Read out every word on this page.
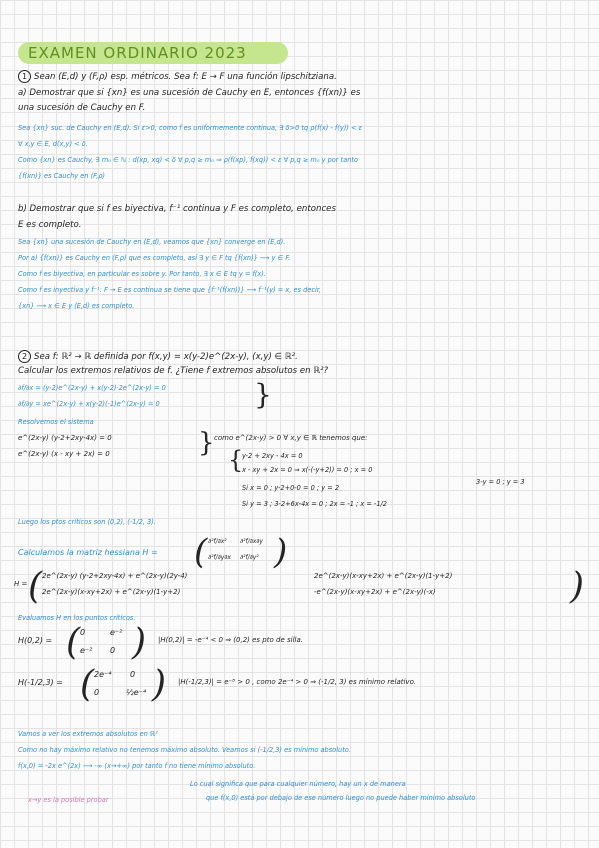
EXAMEN ORDINARIO 2023
1 Sean (E,d) y (F,ρ) esp. métricos. Sea f: E → F una función lipschitziana.
a) Demostrar que si {xn} es una sucesión de Cauchy en E, entonces {f(xn)} es
una sucesión de Cauchy en F.
Sea {xn} suc. de Cauchy en (E,d). Si ε>0, como f es uniformemente continua, ∃ δ>0 tq ρ(f(x) - f(y)) < ε
∀ x,y ∈ E, d(x,y) < δ.
Como {xn} es Cauchy, ∃ m₀ ∈ ℕ : d(xp, xq) < δ ∀ p,q ≥ m₀ ⇒ ρ(f(xp), f(xq)) < ε ∀ p,q ≥ m₀ y por tanto
{f(xn)} es Cauchy en (F,ρ)
b) Demostrar que si f es biyectiva, f⁻¹ continua y F es completo, entonces
E es completo.
Sea {xn} una sucesión de Cauchy en (E,d), veamos que {xn} converge en (E,d).
Por a) {f(xn)} es Cauchy en (F,ρ) que es completo, así ∃ y ∈ F tq {f(xn)} ⟶ y ∈ F.
Como f es biyectiva, en particular es sobre y. Por tanto, ∃ x ∈ E tq y = f(x).
Como f es inyectiva y f⁻¹: F → E es continua se tiene que {f⁻¹(f(xn))} ⟶ f⁻¹(y) = x, es decir,
{xn} ⟶ x ∈ E y (E,d) es completo.
2 Sea f: ℝ² → ℝ definida por f(x,y) = x(y-2)e^(2x-y), (x,y) ∈ ℝ².
Calcular los extremos relativos de f. ¿Tiene f extremos absolutos en ℝ²?
∂f/∂x = (y-2)e^(2x-y) + x(y-2)·2e^(2x-y) = 0
∂f/∂y = xe^(2x-y) + x(y-2)(-1)e^(2x-y) = 0	}
Resolvemos el sistema
e^(2x-y) (y-2+2xy-4x) = 0
e^(2x-y) (x - xy + 2x) = 0	} como e^(2x-y) > 0 ∀ x,y ∈ ℝ tenemos que:
{
y-2 + 2xy - 4x = 0
x - xy + 2x = 0 ⇒ x(-(-y+2)) = 0 ; x = 0
3-y = 0 ; y = 3
Si x = 0 ; y-2+0-0 = 0 ; y = 2
Si y = 3 ; 3-2+6x-4x = 0 ; 2x = -1 ; x = -1/2
Luego los ptos críticos son (0,2), (-1/2, 3).
Calculamos la matriz hessiana H = ( ∂²f/∂x² ∂²f/∂x∂y
∂²f/∂y∂x ∂²f/∂y² )
H = ( 2e^(2x-y) (y-2+2xy-4x) + e^(2x-y)(2y-4)	2e^(2x-y)(x-xy+2x) + e^(2x-y)(1-y+2)
2e^(2x-y)(x-xy+2x) + e^(2x-y)(1-y+2)	-e^(2x-y)(x-xy+2x) + e^(2x-y)(-x)	)
Evaluamos H en los puntos críticos.
H(0,2) = ( 0	e⁻²
e⁻² 0 ) |H(0,2)| = -e⁻⁴ < 0 ⇒ (0,2) es pto de silla.
H(-1/2,3) = ( 2e⁻⁴ 0
0	½e⁻⁴ ) |H(-1/2,3)| = e⁻⁸ > 0 , como 2e⁻⁴ > 0 ⇒ (-1/2, 3) es mínimo relativo.
Vamos a ver los extremos absolutos en ℝ²
Como no hay máximo relativo no tenemos máximo absoluto. Veamos si (-1/2,3) es mínimo absoluto.
f(x,0) = -2x e^(2x) ⟶ -∞ (x→+∞) por tanto f no tiene mínimo absoluto.
Lo cual significa que para cualquier número, hay un x de manera
que f(x,0) está por debajo de ese número luego no puede haber mínimo absoluto
x→y es la posible probar
